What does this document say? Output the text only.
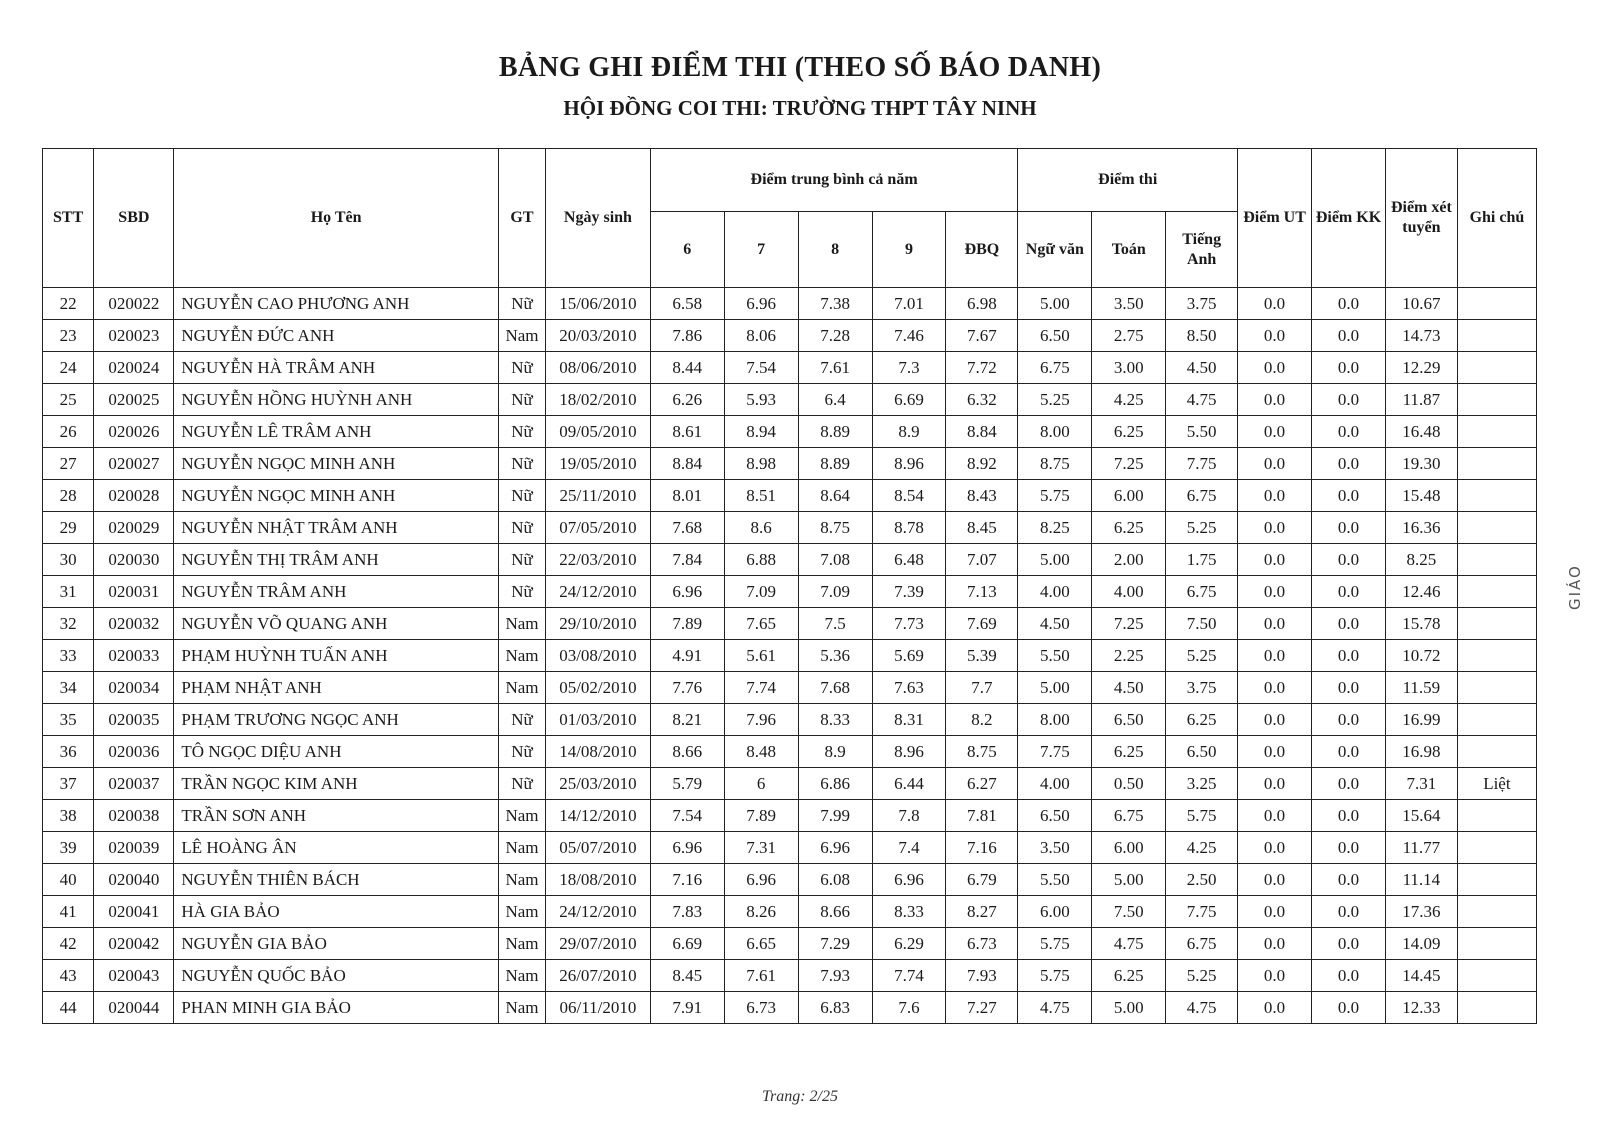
BẢNG GHI ĐIỂM THI (THEO SỐ BÁO DANH)
HỘI ĐỒNG COI THI: TRƯỜNG THPT TÂY NINH
STT	SBD	Họ Tên	GT	Ngày sinh	Điểm trung bình cả năm					Điểm thi			Điểm UT	Điểm KK	Điểm xét tuyển	Ghi chú
					6	7	8	9	ĐBQ	Ngữ văn	Toán	Tiếng Anh				
22	020022	NGUYỄN CAO PHƯƠNG ANH	Nữ	15/06/2010	6.58	6.96	7.38	7.01	6.98	5.00	3.50	3.75	0.0	0.0	10.67	
23	020023	NGUYỄN ĐỨC ANH	Nam	20/03/2010	7.86	8.06	7.28	7.46	7.67	6.50	2.75	8.50	0.0	0.0	14.73	
24	020024	NGUYỄN HÀ TRÂM ANH	Nữ	08/06/2010	8.44	7.54	7.61	7.3	7.72	6.75	3.00	4.50	0.0	0.0	12.29	
25	020025	NGUYỄN HỒNG HUỲNH ANH	Nữ	18/02/2010	6.26	5.93	6.4	6.69	6.32	5.25	4.25	4.75	0.0	0.0	11.87	
26	020026	NGUYỄN LÊ TRÂM ANH	Nữ	09/05/2010	8.61	8.94	8.89	8.9	8.84	8.00	6.25	5.50	0.0	0.0	16.48	
27	020027	NGUYỄN NGỌC MINH ANH	Nữ	19/05/2010	8.84	8.98	8.89	8.96	8.92	8.75	7.25	7.75	0.0	0.0	19.30	
28	020028	NGUYỄN NGỌC MINH ANH	Nữ	25/11/2010	8.01	8.51	8.64	8.54	8.43	5.75	6.00	6.75	0.0	0.0	15.48	
29	020029	NGUYỄN NHẬT TRÂM ANH	Nữ	07/05/2010	7.68	8.6	8.75	8.78	8.45	8.25	6.25	5.25	0.0	0.0	16.36	
30	020030	NGUYỄN THỊ TRÂM ANH	Nữ	22/03/2010	7.84	6.88	7.08	6.48	7.07	5.00	2.00	1.75	0.0	0.0	8.25	
31	020031	NGUYỄN TRÂM ANH	Nữ	24/12/2010	6.96	7.09	7.09	7.39	7.13	4.00	4.00	6.75	0.0	0.0	12.46	
32	020032	NGUYỄN VÕ QUANG ANH	Nam	29/10/2010	7.89	7.65	7.5	7.73	7.69	4.50	7.25	7.50	0.0	0.0	15.78	
33	020033	PHẠM HUỲNH TUẤN ANH	Nam	03/08/2010	4.91	5.61	5.36	5.69	5.39	5.50	2.25	5.25	0.0	0.0	10.72	
34	020034	PHẠM NHẬT ANH	Nam	05/02/2010	7.76	7.74	7.68	7.63	7.7	5.00	4.50	3.75	0.0	0.0	11.59	
35	020035	PHẠM TRƯƠNG NGỌC ANH	Nữ	01/03/2010	8.21	7.96	8.33	8.31	8.2	8.00	6.50	6.25	0.0	0.0	16.99	
36	020036	TÔ NGỌC DIỆU ANH	Nữ	14/08/2010	8.66	8.48	8.9	8.96	8.75	7.75	6.25	6.50	0.0	0.0	16.98	
37	020037	TRẦN NGỌC KIM ANH	Nữ	25/03/2010	5.79	6	6.86	6.44	6.27	4.00	0.50	3.25	0.0	0.0	7.31	Liệt
38	020038	TRẦN SƠN ANH	Nam	14/12/2010	7.54	7.89	7.99	7.8	7.81	6.50	6.75	5.75	0.0	0.0	15.64	
39	020039	LÊ HOÀNG ÂN	Nam	05/07/2010	6.96	7.31	6.96	7.4	7.16	3.50	6.00	4.25	0.0	0.0	11.77	
40	020040	NGUYỄN THIÊN BÁCH	Nam	18/08/2010	7.16	6.96	6.08	6.96	6.79	5.50	5.00	2.50	0.0	0.0	11.14	
41	020041	HÀ GIA BẢO	Nam	24/12/2010	7.83	8.26	8.66	8.33	8.27	6.00	7.50	7.75	0.0	0.0	17.36	
42	020042	NGUYỄN GIA BẢO	Nam	29/07/2010	6.69	6.65	7.29	6.29	6.73	5.75	4.75	6.75	0.0	0.0	14.09	
43	020043	NGUYỄN QUỐC BẢO	Nam	26/07/2010	8.45	7.61	7.93	7.74	7.93	5.75	6.25	5.25	0.0	0.0	14.45	
44	020044	PHAN MINH GIA BẢO	Nam	06/11/2010	7.91	6.73	6.83	7.6	7.27	4.75	5.00	4.75	0.0	0.0	12.33	
Trang: 2/25
GIÁO
